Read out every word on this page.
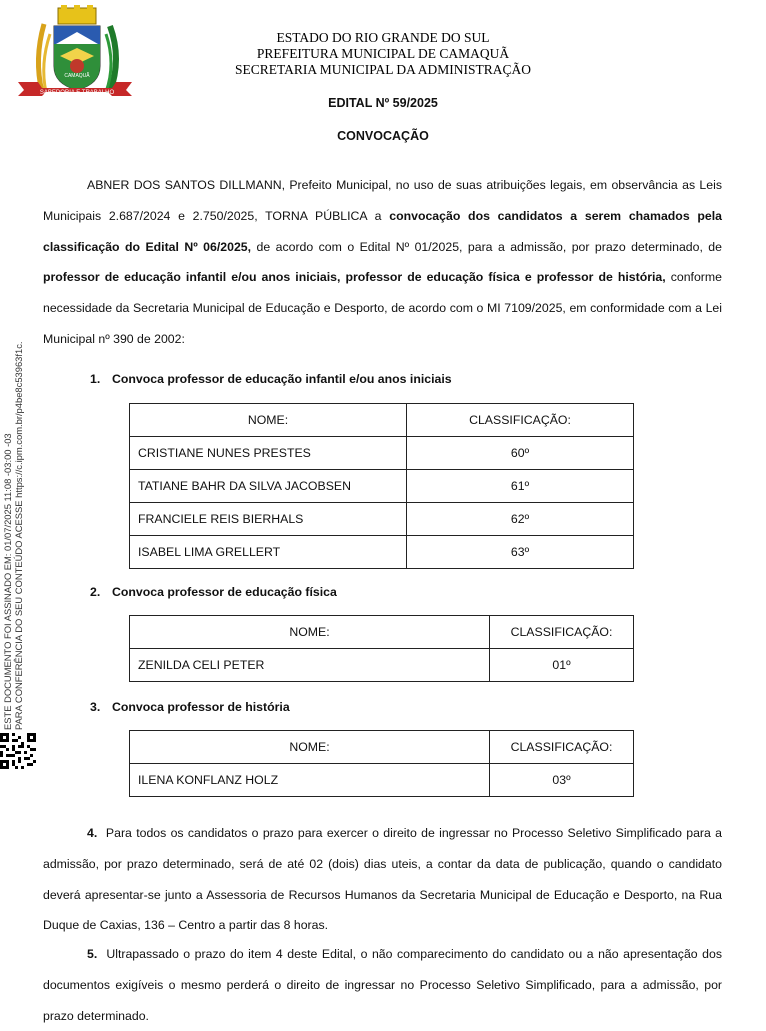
SABEDORIA E TRABALHO
CAMAQUÃ
ESTADO DO RIO GRANDE DO SUL
PREFEITURA MUNICIPAL DE CAMAQUÃ
SECRETARIA MUNICIPAL DA ADMINISTRAÇÃO
EDITAL Nº 59/2025
CONVOCAÇÃO

ABNER DOS SANTOS DILLMANN, Prefeito Municipal, no uso de suas atribuições legais, em observância as Leis Municipais 2.687/2024 e 2.750/2025, TORNA PÚBLICA a convocação dos candidatos a serem chamados pela classificação do Edital Nº 06/2025, de acordo com o Edital Nº 01/2025, para a admissão, por prazo determinado, de professor de educação infantil e/ou anos iniciais, professor de educação física e professor de história, conforme necessidade da Secretaria Municipal de Educação e Desporto, de acordo com o MI 7109/2025, em conformidade com a Lei Municipal nº 390 de 2002:

1. Convoca professor de educação infantil e/ou anos iniciais
NOME:	CLASSIFICAÇÃO:
CRISTIANE NUNES PRESTES	60º
TATIANE BAHR DA SILVA JACOBSEN	61º
FRANCIELE REIS BIERHALS	62º
ISABEL LIMA GRELLERT	63º
2. Convoca professor de educação física
NOME:	CLASSIFICAÇÃO:
ZENILDA CELI PETER	01º
3. Convoca professor de história
NOME:	CLASSIFICAÇÃO:
ILENA KONFLANZ HOLZ	03º

4. Para todos os candidatos o prazo para exercer o direito de ingressar no Processo Seletivo Simplificado para a admissão, por prazo determinado, será de até 02 (dois) dias uteis, a contar da data de publicação, quando o candidato deverá apresentar-se junto a Assessoria de Recursos Humanos da Secretaria Municipal de Educação e Desporto, na Rua Duque de Caxias, 136 – Centro a partir das 8 horas.

5. Ultrapassado o prazo do item 4 deste Edital, o não comparecimento do candidato ou a não apresentação dos documentos exigíveis o mesmo perderá o direito de ingressar no Processo Seletivo Simplificado, para a admissão, por prazo determinado.

ESTE DOCUMENTO FOI ASSINADO EM: 01/07/2025 11:08 -03:00 -03 PARA CONFERÊNCIA DO SEU CONTEÚDO ACESSE https://c.ipm.com.br/p4be8c53963f1c.
